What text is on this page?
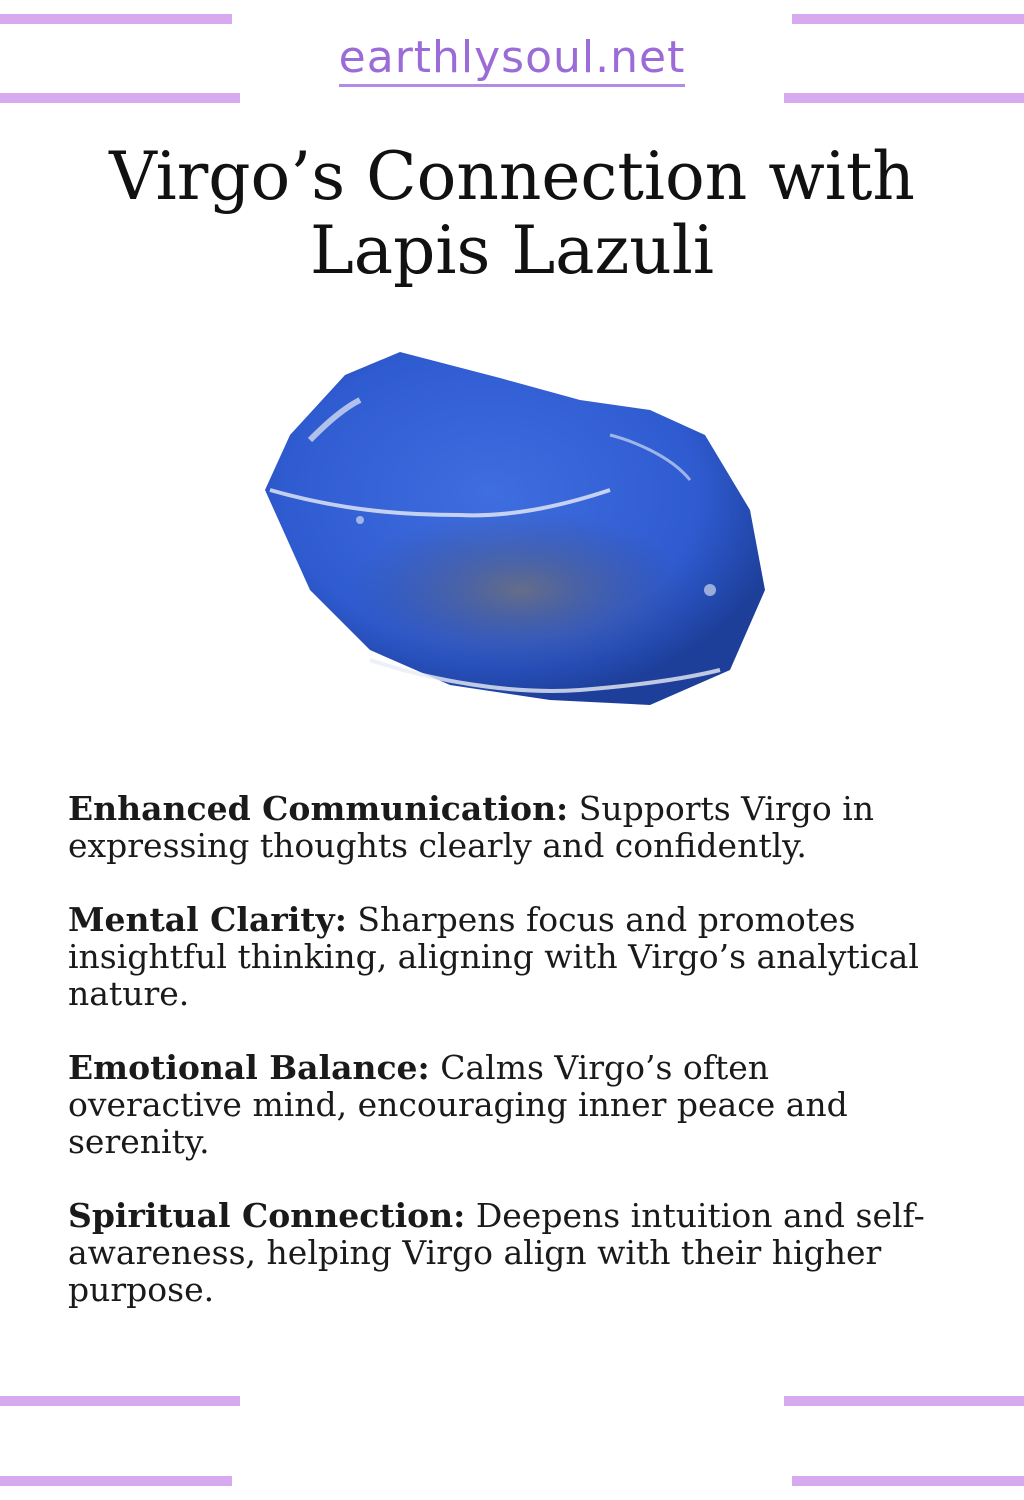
earthlysoul.net
Virgo’s Connection with
Lapis Lazuli

Enhanced Communication: Supports Virgo in expressing thoughts clearly and confidently.

Mental Clarity: Sharpens focus and promotes insightful thinking, aligning with Virgo’s analytical nature.

Emotional Balance: Calms Virgo’s often overactive mind, encouraging inner peace and serenity.

Spiritual Connection: Deepens intuition and self-awareness, helping Virgo align with their higher purpose.
